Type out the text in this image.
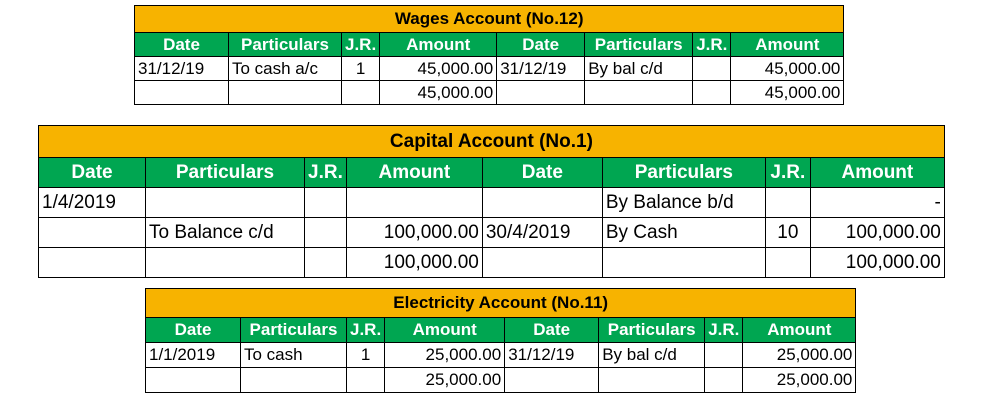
Wages Account (No.12)							
Date	Particulars	J.R.	Amount	Date	Particulars	J.R.	Amount
31/12/19	To cash a/c	1	45,000.00	31/12/19	By bal c/d		45,000.00
			45,000.00				45,000.00
Capital Account (No.1)							
Date	Particulars	J.R.	Amount	Date	Particulars	J.R.	Amount
1/4/2019					By Balance b/d		-
	To Balance c/d		100,000.00	30/4/2019	By Cash	10	100,000.00
			100,000.00				100,000.00
Electricity Account (No.11)							
Date	Particulars	J.R.	Amount	Date	Particulars	J.R.	Amount
1/1/2019	To cash	1	25,000.00	31/12/19	By bal c/d		25,000.00
			25,000.00				25,000.00
